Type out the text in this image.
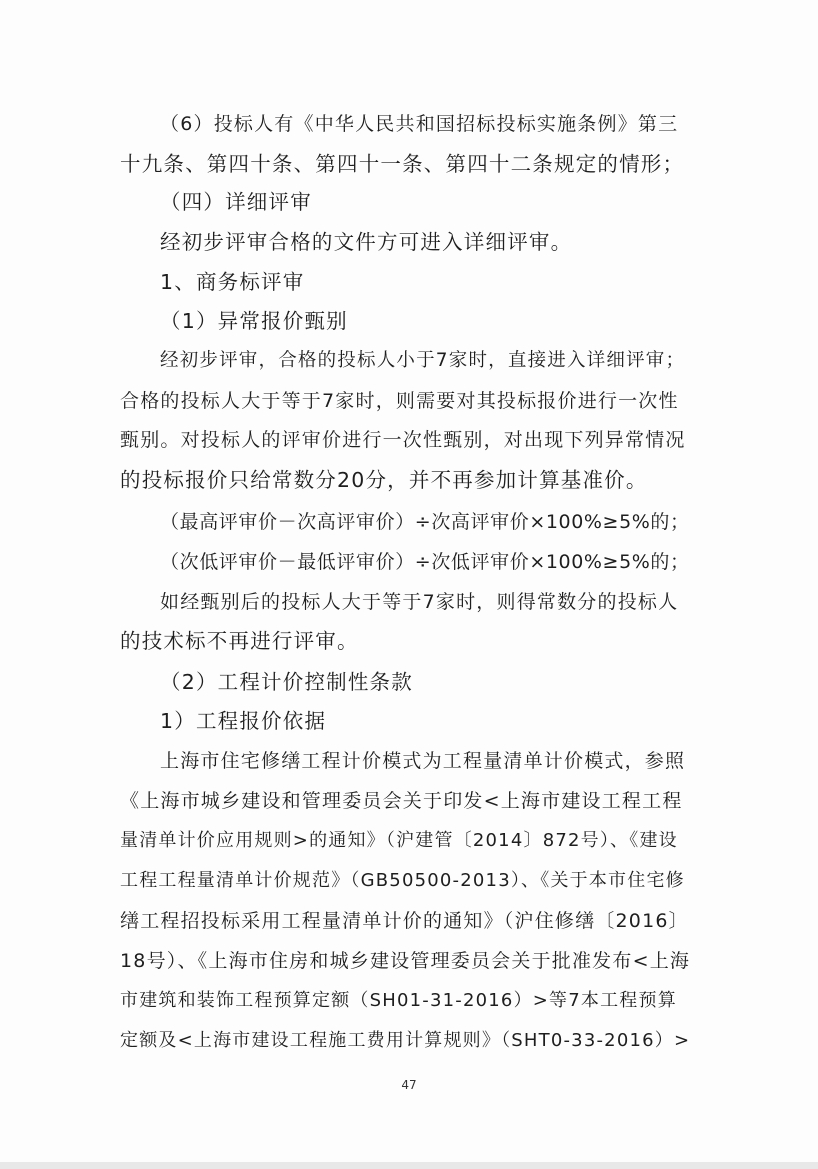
（6）投标人有《中华人民共和国招标投标实施条例》第三
十九条、第四十条、第四十一条、第四十二条规定的情形；
（四）详细评审
经初步评审合格的文件方可进入详细评审。
1、商务标评审
（1）异常报价甄别
经初步评审，合格的投标人小于7家时，直接进入详细评审；
合格的投标人大于等于7家时，则需要对其投标报价进行一次性
甄别。对投标人的评审价进行一次性甄别，对出现下列异常情况
的投标报价只给常数分20分，并不再参加计算基准价。
（最高评审价－次高评审价）÷次高评审价×100%≥5%的；
（次低评审价－最低评审价）÷次低评审价×100%≥5%的；
如经甄别后的投标人大于等于7家时，则得常数分的投标人
的技术标不再进行评审。
（2）工程计价控制性条款
1）工程报价依据
上海市住宅修缮工程计价模式为工程量清单计价模式，参照
《上海市城乡建设和管理委员会关于印发<上海市建设工程工程
量清单计价应用规则>的通知》（沪建管〔2014〕872号）、《建设
工程工程量清单计价规范》（GB50500-2013）、《关于本市住宅修
缮工程招投标采用工程量清单计价的通知》（沪住修缮〔2016〕
18号）、《上海市住房和城乡建设管理委员会关于批准发布<上海
市建筑和装饰工程预算定额（SH01-31-2016）>等7本工程预算
定额及<上海市建设工程施工费用计算规则》（SHT0-33-2016）>
47
